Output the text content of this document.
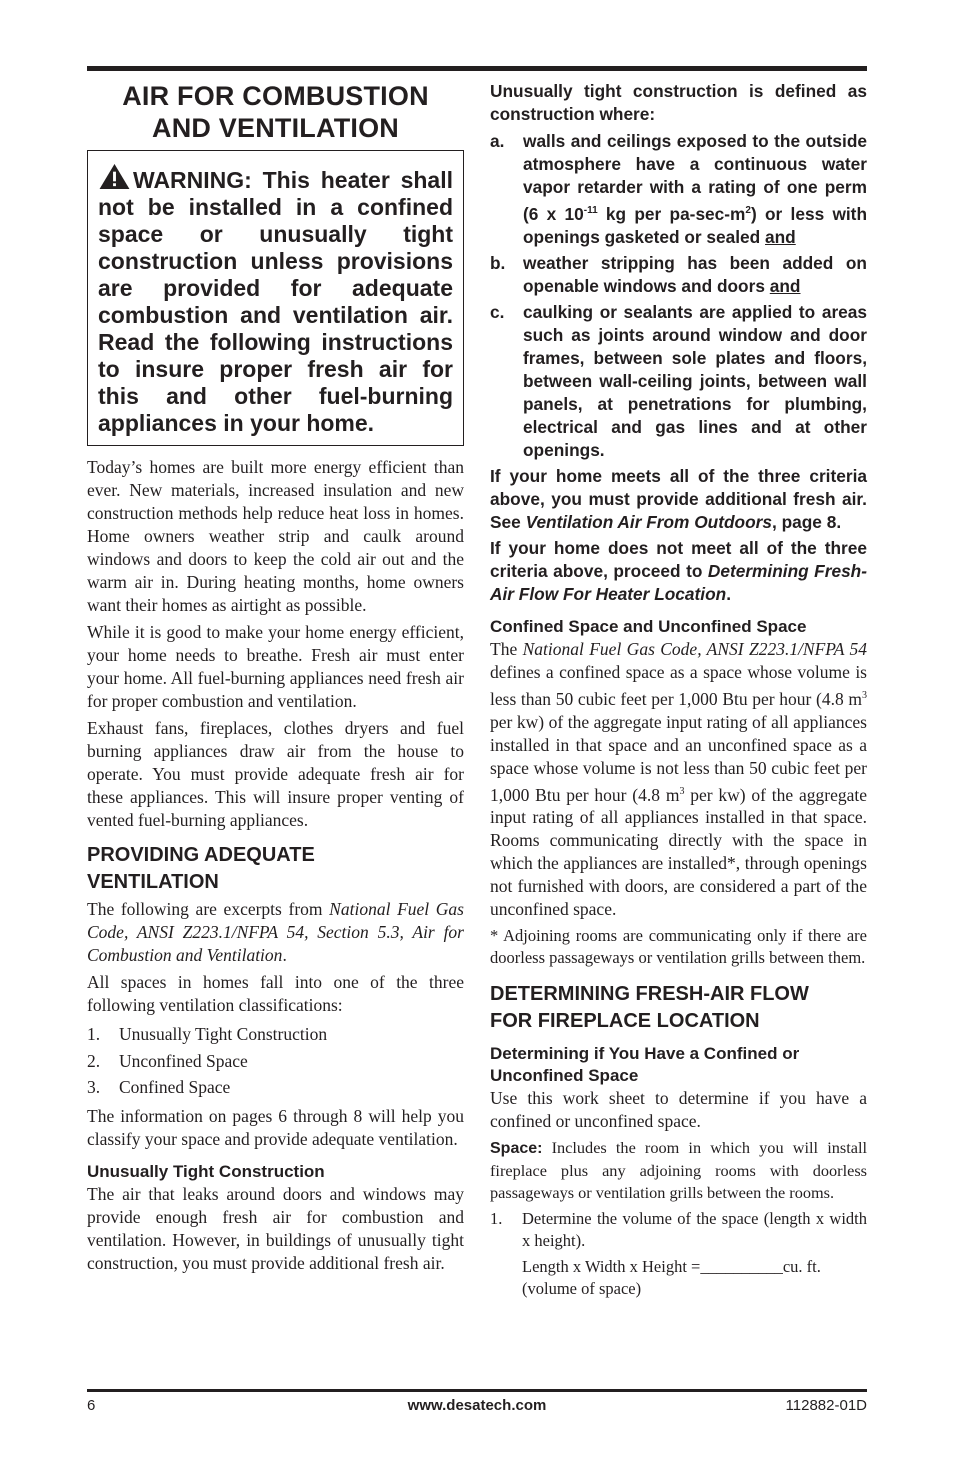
AIR FOR COMBUSTION
AND VENTILATION
WARNING: This heater shall not be installed in a confined space or unusually tight construction unless provisions are provided for adequate combustion and ventilation air. Read the following instructions to insure proper fresh air for this and other fuel-burning appliances in your home.

Today’s homes are built more energy efficient than ever. New materials, increased insulation and new construction methods help reduce heat loss in homes. Home owners weather strip and caulk around windows and doors to keep the cold air out and the warm air in. During heating months, home owners want their homes as airtight as possible.

While it is good to make your home energy efficient, your home needs to breathe. Fresh air must enter your home. All fuel-burning appliances need fresh air for proper combustion and ventilation.

Exhaust fans, fireplaces, clothes dryers and fuel burning appliances draw air from the house to operate. You must provide adequate fresh air for these appliances. This will insure proper venting of vented fuel-burning appliances.

PROVIDING ADEQUATE
VENTILATION

The following are excerpts from National Fuel Gas Code, ANSI Z223.1/NFPA 54, Section 5.3, Air for Combustion and Ventilation.

All spaces in homes fall into one of the three following ventilation classifications:

1.	Unusually Tight Construction
2.	Unconfined Space
3.	Confined Space

The information on pages 6 through 8 will help you classify your space and provide adequate ventilation.

Unusually Tight Construction

The air that leaks around doors and windows may provide enough fresh air for combustion and ventilation. However, in buildings of unusually tight construction, you must provide additional fresh air.

Unusually tight construction is defined as construction where:

a.	walls and ceilings exposed to the outside atmosphere have a continuous water vapor retarder with a rating of one perm (6 x $10^{-11}$ kg per $pa-\sec-m^2$) or less with openings gasketed or sealed and
b.	weather stripping has been added on openable windows and doors and
c.	caulking or sealants are applied to areas such as joints around window and door frames, between sole plates and floors, between wall-ceiling joints, between wall panels, at penetrations for plumbing, electrical and gas lines and at other openings.

If your home meets all of the three criteria above, you must provide additional fresh air. See Ventilation Air From Outdoors, page 8.

If your home does not meet all of the three criteria above, proceed to Determining Fresh-Air Flow For Heater Location.

Confined Space and Unconfined Space

The National Fuel Gas Code, ANSI Z223.1/NFPA 54 defines a confined space as a space whose volume is less than 50 cubic feet per 1,000 Btu per hour (4.8 $m^3$ per kw) of the aggregate input rating of all appliances installed in that space and an unconfined space as a space whose volume is not less than 50 cubic feet per 1,000 Btu per hour (4.8 $m^3$ per kw) of the aggregate input rating of all appliances installed in that space. Rooms communicating directly with the space in which the appliances are installed*, through openings not furnished with doors, are considered a part of the unconfined space.

* Adjoining rooms are communicating only if there are doorless passageways or ventilation grills between them.

DETERMINING FRESH-AIR FLOW
FOR FIREPLACE LOCATION
Determining if You Have a Confined or
Unconfined Space

Use this work sheet to determine if you have a confined or unconfined space.

Space: Includes the room in which you will install fireplace plus any adjoining rooms with doorless passageways or ventilation grills between the rooms.

1.	Determine the volume of the space (length x width x height).

Length x Width x Height =__________cu. ft. (volume of space)

6	www.desatech.com	112882-01D
